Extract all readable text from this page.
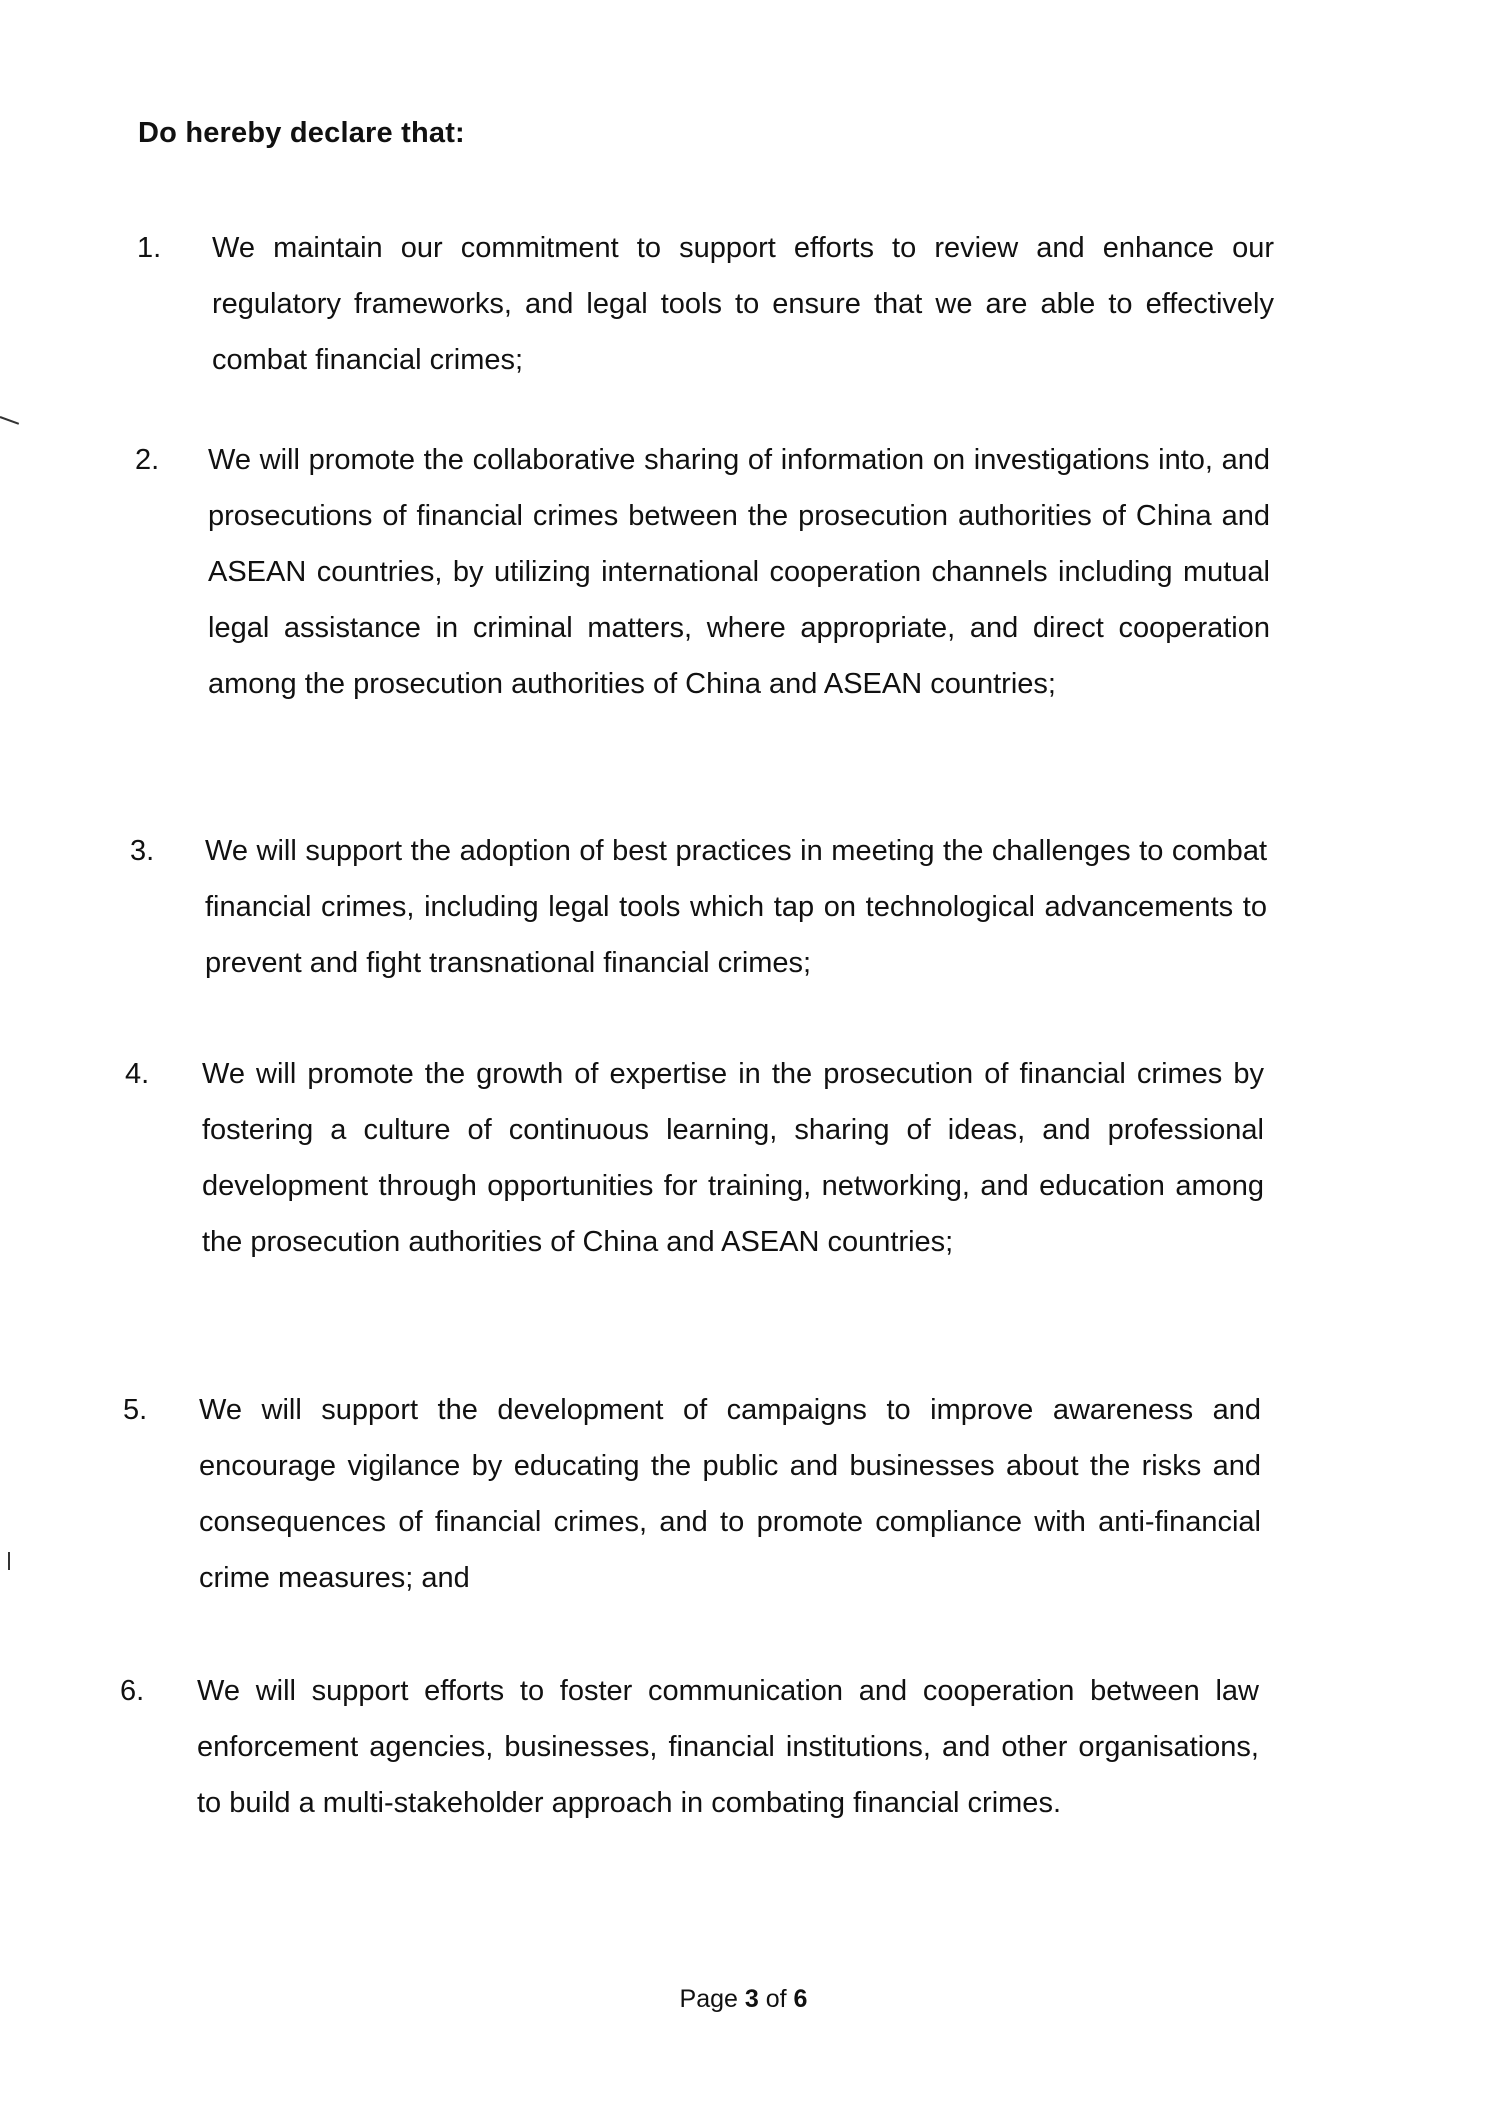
Do hereby declare that:
1. We maintain our commitment to support efforts to review and enhance our regulatory frameworks, and legal tools to ensure that we are able to effectively combat financial crimes;
2. We will promote the collaborative sharing of information on investigations into, and prosecutions of financial crimes between the prosecution authorities of China and ASEAN countries, by utilizing international cooperation channels including mutual legal assistance in criminal matters, where appropriate, and direct cooperation among the prosecution authorities of China and ASEAN countries;
3. We will support the adoption of best practices in meeting the challenges to combat financial crimes, including legal tools which tap on technological advancements to prevent and fight transnational financial crimes;
4. We will promote the growth of expertise in the prosecution of financial crimes by fostering a culture of continuous learning, sharing of ideas, and professional development through opportunities for training, networking, and education among the prosecution authorities of China and ASEAN countries;
5. We will support the development of campaigns to improve awareness and encourage vigilance by educating the public and businesses about the risks and consequences of financial crimes, and to promote compliance with anti-financial crime measures; and
6. We will support efforts to foster communication and cooperation between law enforcement agencies, businesses, financial institutions, and other organisations, to build a multi-stakeholder approach in combating financial crimes.
Page 3 of 6
